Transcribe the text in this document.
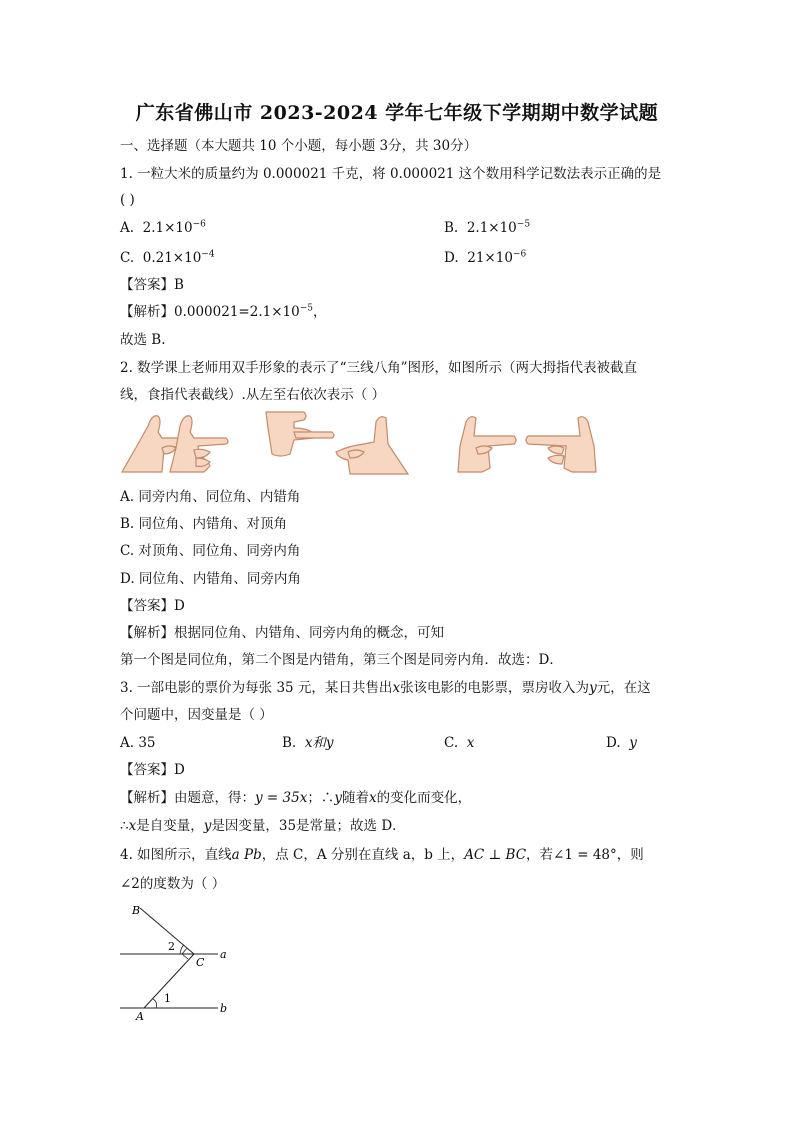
广东省佛山市 2023-2024 学年七年级下学期期中数学试题
一、选择题（本大题共 10 个小题，每小题 3分，共 30分）
1. 一粒大米的质量约为 0.000021 千克，将 0.000021 这个数用科学记数法表示正确的是
( )
A. $2.1\times 10^{-6}$	B. $2.1\times 10^{-5}$
C. $0.21\times 10^{-4}$	D. $21\times 10^{-6}$
【答案】B
【解析】$0.000021=2.1\times 10^{-5}$，
故选 B.
2. 数学课上老师用双手形象的表示了“三线八角”图形，如图所示（两大拇指代表被截直
线，食指代表截线）.从左至右依次表示（ ）
A. 同旁内角、同位角、内错角
B. 同位角、内错角、对顶角
C. 对顶角、同位角、同旁内角
D. 同位角、内错角、同旁内角
【答案】D
【解析】根据同位角、内错角、同旁内角的概念，可知
第一个图是同位角，第二个图是内错角，第三个图是同旁内角．故选：D．
3. 一部电影的票价为每张 35 元，某日共售出x张该电影的电影票，票房收入为y元，在这
个问题中，因变量是（ ）
A. 35	B. x和y	C. x	D. y
【答案】D
【解析】由题意，得：y = 35x；∴y随着x的变化而变化，
∴x是自变量，y是因变量，35是常量；故选 D．
4. 如图所示，直线a Pb，点 C，A 分别在直线 a，b 上，AC ⊥ BC，若∠1 = 48°，则
∠2的度数为（ ）
B
2
C
a
1
A
b
